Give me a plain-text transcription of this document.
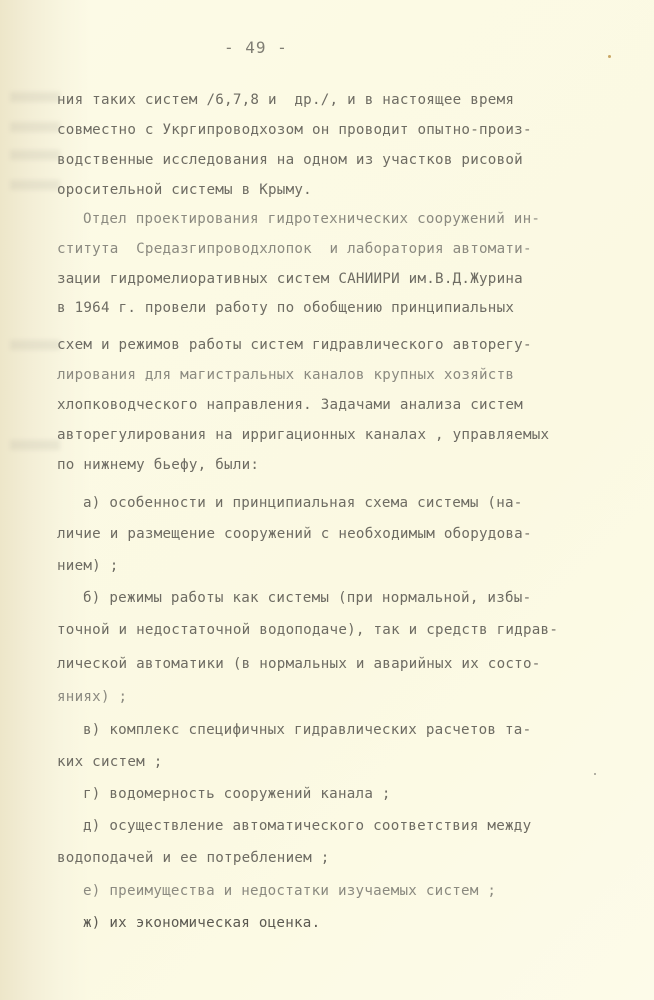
- 49 -
ния таких систем /6,7,8 и  др./, и в настоящее время
совместно с Укргипроводхозом он проводит опытно-произ-
водственные исследования на одном из участков рисовой
оросительной системы в Крыму.
Отдел проектирования гидротехнических сооружений ин-
ститута  Средазгипроводхлопок  и лаборатория автомати-
зации гидромелиоративных систем САНИИРИ им.В.Д.Журина
в 1964 г. провели работу по обобщению принципиальных
схем и режимов работы систем гидравлического авторегу-
лирования для магистральных каналов крупных хозяйств
хлопководческого направления. Задачами анализа систем
авторегулирования на ирригационных каналах , управляемых
по нижнему бьефу, были:
а) особенности и принципиальная схема системы (на-
личие и размещение сооружений с необходимым оборудова-
нием) ;
б) режимы работы как системы (при нормальной, избы-
точной и недостаточной водоподаче), так и средств гидрав-
лической автоматики (в нормальных и аварийных их состо-
яниях) ;
в) комплекс специфичных гидравлических расчетов та-
ких систем ;
г) водомерность сооружений канала ;
д) осуществление автоматического соответствия между
водоподачей и ее потреблением ;
е) преимущества и недостатки изучаемых систем ;
ж) их экономическая оценка.
